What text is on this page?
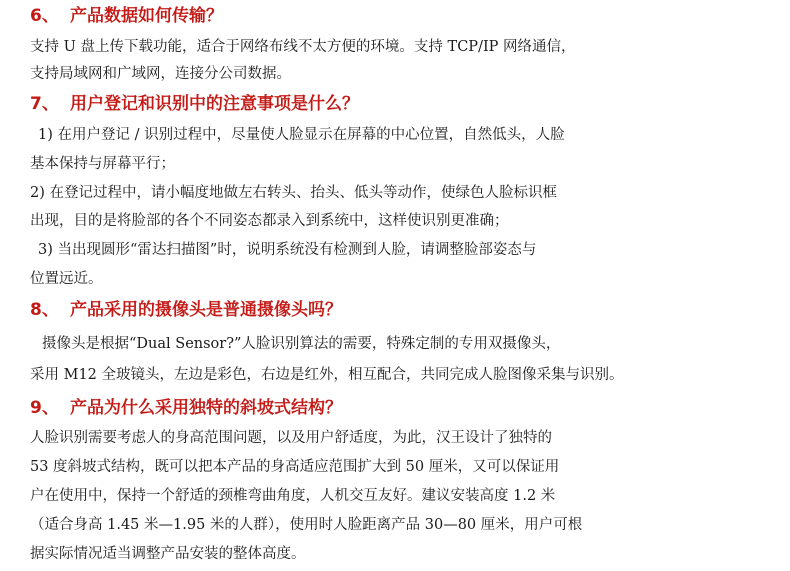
6、 产品数据如何传输？
支持 U 盘上传下载功能，适合于网络布线不太方便的环境。支持 TCP/IP 网络通信，
支持局域网和广域网，连接分公司数据。
7、 用户登记和识别中的注意事项是什么？
1) 在用户登记 / 识别过程中，尽量使人脸显示在屏幕的中心位置，自然低头，人脸
基本保持与屏幕平行；
2) 在登记过程中，请小幅度地做左右转头、抬头、低头等动作，使绿色人脸标识框
出现，目的是将脸部的各个不同姿态都录入到系统中，这样使识别更准确；
3) 当出现圆形“雷达扫描图”时，说明系统没有检测到人脸，请调整脸部姿态与
位置远近。
8、 产品采用的摄像头是普通摄像头吗？
摄像头是根据“Dual Sensor?”人脸识别算法的需要，特殊定制的专用双摄像头，
采用 M12 全玻镜头，左边是彩色，右边是红外，相互配合，共同完成人脸图像采集与识别。
9、 产品为什么采用独特的斜坡式结构？
人脸识别需要考虑人的身高范围问题，以及用户舒适度，为此，汉王设计了独特的
53 度斜坡式结构，既可以把本产品的身高适应范围扩大到 50 厘米，又可以保证用
户在使用中，保持一个舒适的颈椎弯曲角度，人机交互友好。建议安装高度 1.2 米
（适合身高 1.45 米—1.95 米的人群），使用时人脸距离产品 30—80 厘米，用户可根
据实际情况适当调整产品安装的整体高度。
